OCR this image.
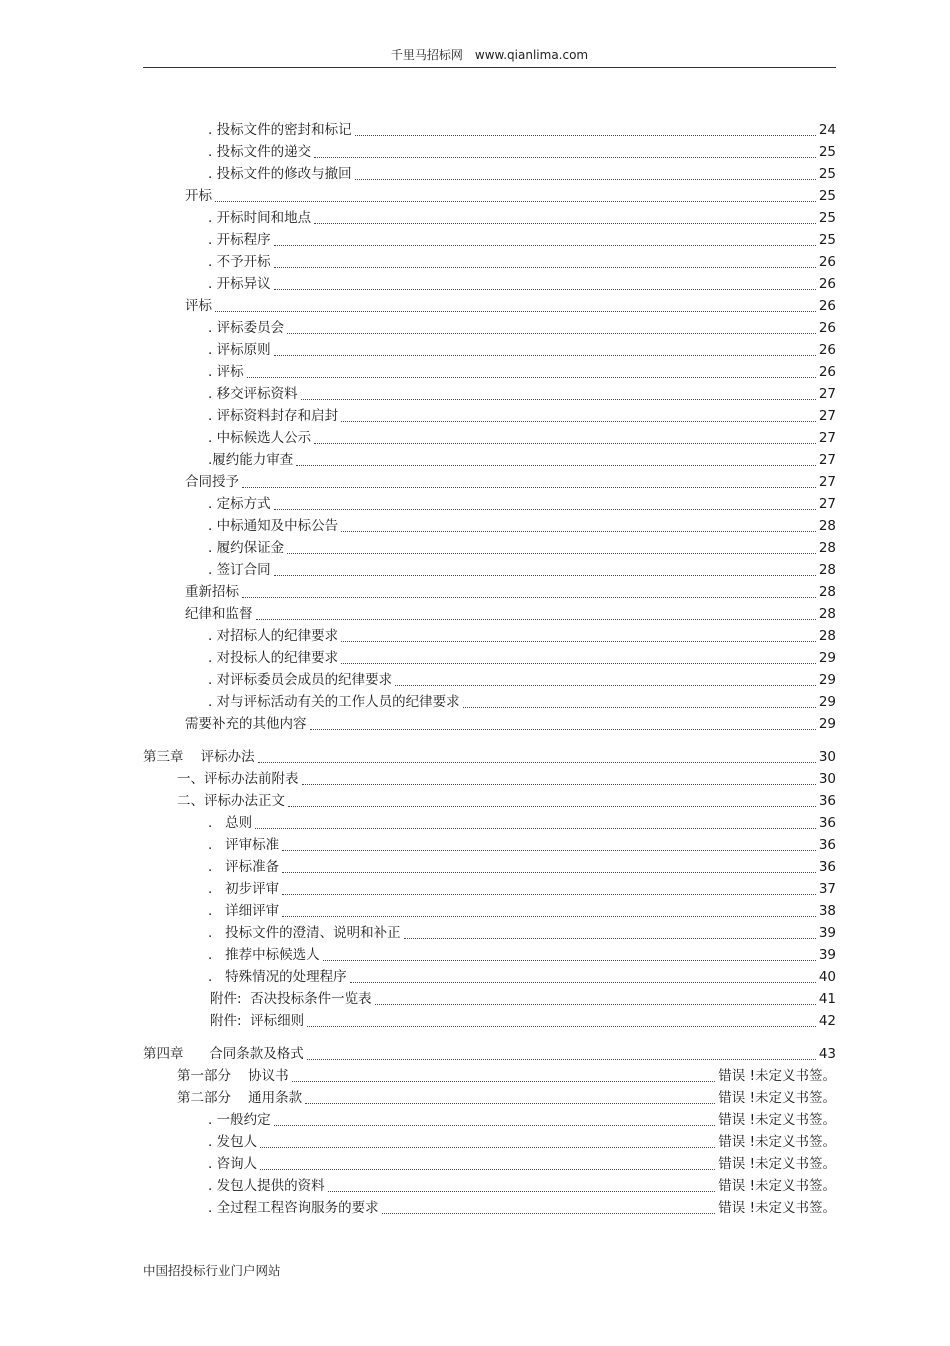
千里马招标网 www.qianlima.com
. 投标文件的密封和标记	24
. 投标文件的递交	25
. 投标文件的修改与撤回	25
开标	25
. 开标时间和地点	25
. 开标程序	25
. 不予开标	26
. 开标异议	26
评标	26
. 评标委员会	26
. 评标原则	26
. 评标	26
. 移交评标资料	27
. 评标资料封存和启封	27
. 中标候选人公示	27
.履约能力审查	27
合同授予	27
. 定标方式	27
. 中标通知及中标公告	28
. 履约保证金	28
. 签订合同	28
重新招标	28
纪律和监督	28
. 对招标人的纪律要求	28
. 对投标人的纪律要求	29
. 对评标委员会成员的纪律要求	29
. 对与评标活动有关的工作人员的纪律要求	29
需要补充的其他内容	29
第三章    评标办法	30
一、评标办法前附表	30
二、评标办法正文	36
.   总则	36
.   评审标准	36
.   评标准备	36
.   初步评审	37
.   详细评审	38
.   投标文件的澄清、说明和补正	39
.   推荐中标候选人	39
.   特殊情况的处理程序	40
附件:  否决投标条件一览表	41
附件:  评标细则	42
第四章      合同条款及格式	43
第一部分    协议书	错误 !未定义书签。
第二部分    通用条款	错误 !未定义书签。
. 一般约定	错误 !未定义书签。
. 发包人	错误 !未定义书签。
. 咨询人	错误 !未定义书签。
. 发包人提供的资料	错误 !未定义书签。
. 全过程工程咨询服务的要求	错误 !未定义书签。
中国招投标行业门户网站
